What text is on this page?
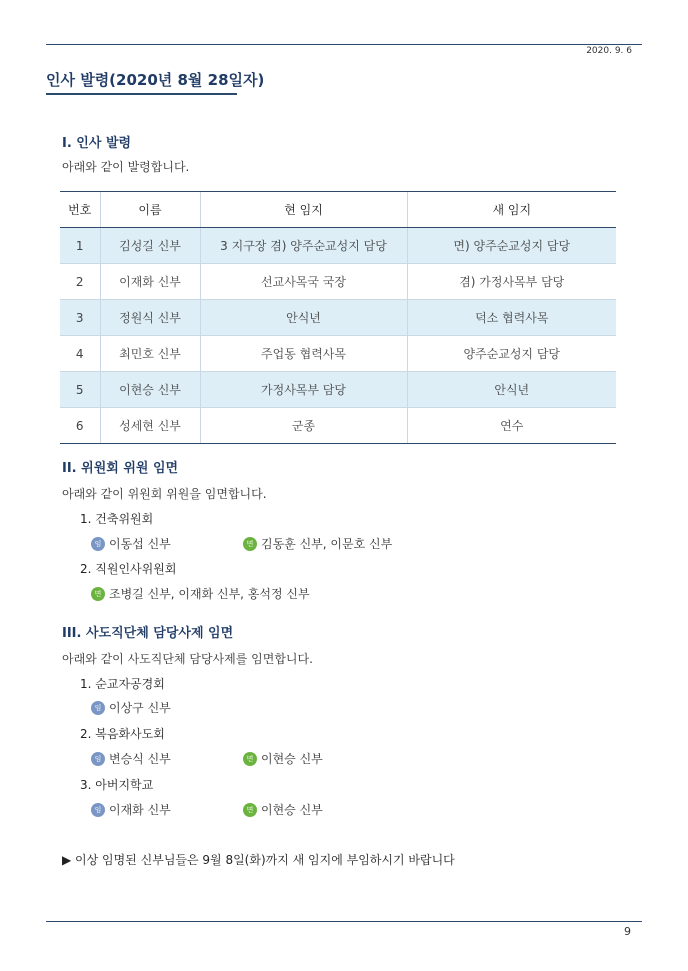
2020. 9. 6
인사 발령(2020년 8월 28일자)
I. 인사 발령
아래와 같이 발령합니다.
번호	이름	현 임지	새 임지
1	김성길 신부	3 지구장 겸) 양주순교성지 담당	면) 양주순교성지 담당
2	이재화 신부	선교사목국 국장	겸) 가정사목부 담당
3	정원식 신부	안식년	덕소 협력사목
4	최민호 신부	주업동 협력사목	양주순교성지 담당
5	이현승 신부	가정사목부 담당	안식년
6	성세현 신부	군종	연수
II. 위원회 위원 임면
아래와 같이 위원회 위원을 임면합니다.
1. 건축위원회
임 이동섭 신부	면 김동훈 신부, 이문호 신부
2. 직원인사위원회
면 조병길 신부, 이재화 신부, 홍석정 신부
III. 사도직단체 담당사제 임면
아래와 같이 사도직단체 담당사제를 임면합니다.
1. 순교자공경회
임 이상구 신부
2. 복음화사도회
임 변승식 신부	면 이현승 신부
3. 아버지학교
임 이재화 신부	면 이현승 신부
▶ 이상 임명된 신부님들은 9월 8일(화)까지 새 임지에 부임하시기 바랍니다
9
